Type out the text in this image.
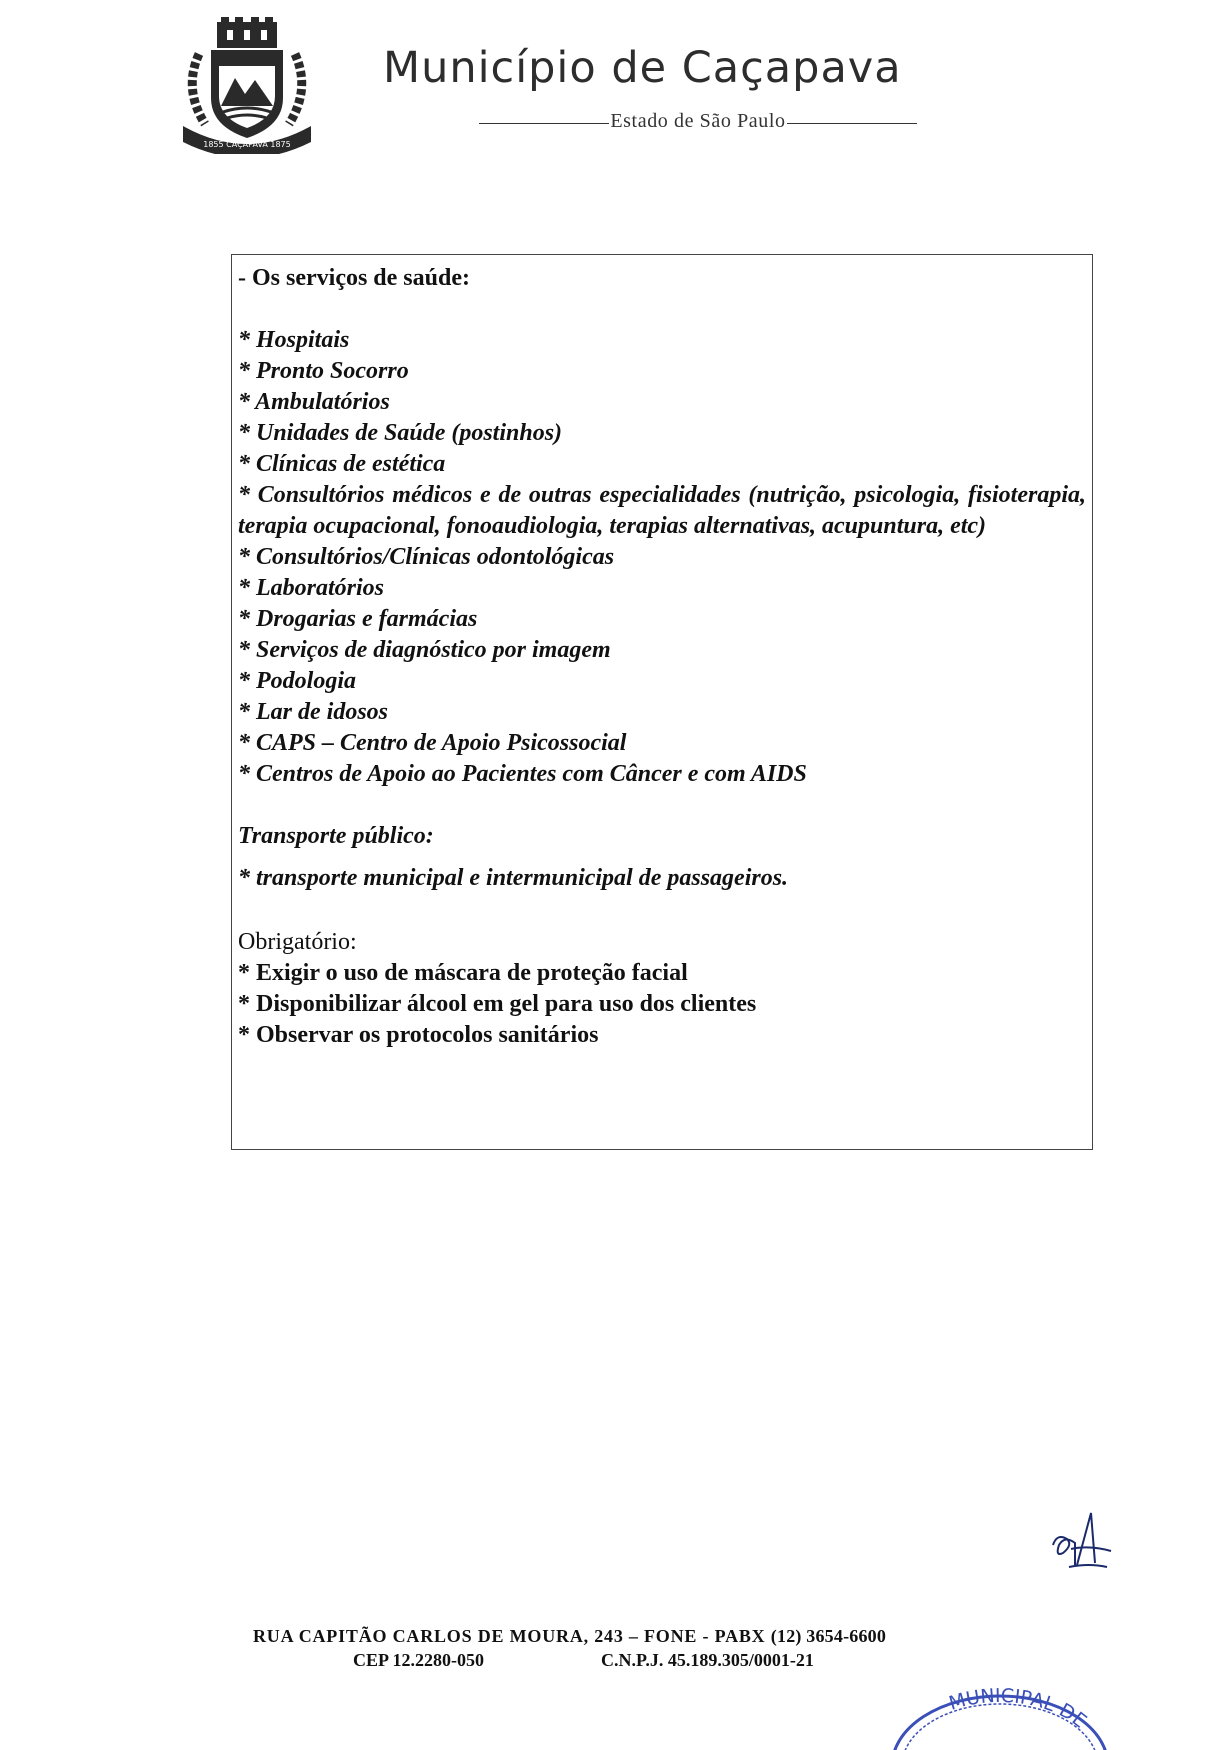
1855 CAÇAPAVA 1875
Município de Caçapava
Estado de São Paulo

- Os serviços de saúde:

* Hospitais
* Pronto Socorro
* Ambulatórios
* Unidades de Saúde (postinhos)
* Clínicas de estética
* Consultórios médicos e de outras especialidades (nutrição, psicologia, fisioterapia, terapia ocupacional, fonoaudiologia, terapias alternativas, acupuntura, etc)
* Consultórios/Clínicas odontológicas
* Laboratórios
* Drogarias e farmácias
* Serviços de diagnóstico por imagem
* Podologia
* Lar de idosos
* CAPS – Centro de Apoio Psicossocial
* Centros de Apoio ao Pacientes com Câncer e com AIDS

Transporte público:

* transporte municipal e intermunicipal de passageiros.

Obrigatório:

* Exigir o uso de máscara de proteção facial
* Disponibilizar álcool em gel para uso dos clientes
* Observar os protocolos sanitários
RUA CAPITÃO CARLOS DE MOURA, 243 – FONE - PABX (12) 3654-6600
CEP 12.2280-050	C.N.P.J. 45.189.305/0001-21
MUNICIPAL DE
